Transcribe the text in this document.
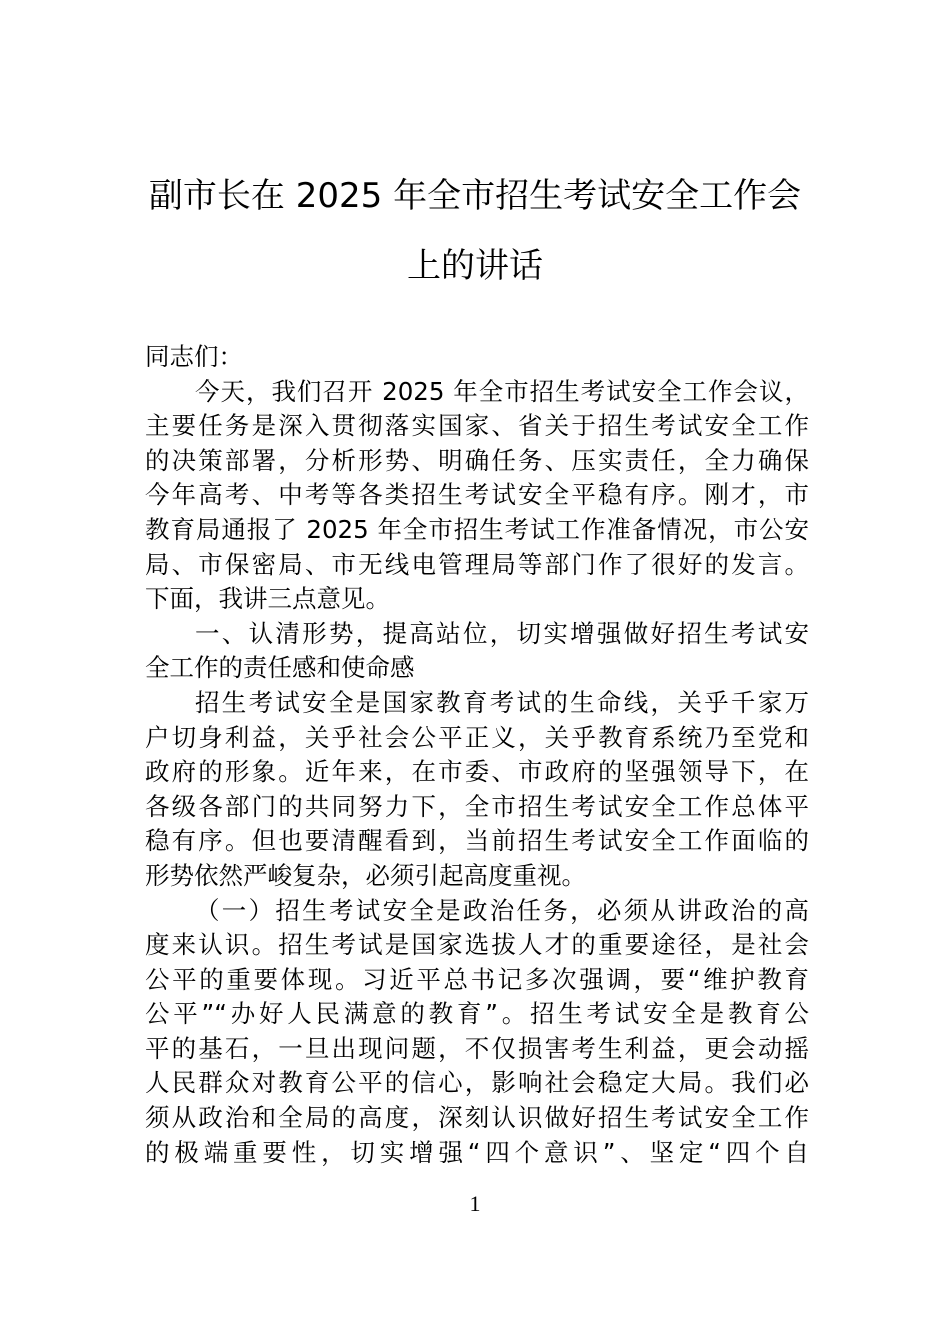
副市长在 2025 年全市招生考试安全工作会
上的讲话
同志们：
今天，我们召开 2025 年全市招生考试安全工作会议，
主要任务是深入贯彻落实国家、省关于招生考试安全工作
的决策部署，分析形势、明确任务、压实责任，全力确保
今年高考、中考等各类招生考试安全平稳有序。刚才，市
教育局通报了 2025 年全市招生考试工作准备情况，市公安
局、市保密局、市无线电管理局等部门作了很好的发言。
下面，我讲三点意见。
一、认清形势，提高站位，切实增强做好招生考试安
全工作的责任感和使命感
招生考试安全是国家教育考试的生命线，关乎千家万
户切身利益，关乎社会公平正义，关乎教育系统乃至党和
政府的形象。近年来，在市委、市政府的坚强领导下，在
各级各部门的共同努力下，全市招生考试安全工作总体平
稳有序。但也要清醒看到，当前招生考试安全工作面临的
形势依然严峻复杂，必须引起高度重视。
（一）招生考试安全是政治任务，必须从讲政治的高
度来认识。招生考试是国家选拔人才的重要途径，是社会
公平的重要体现。习近平总书记多次强调，要“维护教育
公平”“办好人民满意的教育”。招生考试安全是教育公
平的基石，一旦出现问题，不仅损害考生利益，更会动摇
人民群众对教育公平的信心，影响社会稳定大局。我们必
须从政治和全局的高度，深刻认识做好招生考试安全工作
的极端重要性，切实增强“四个意识”、坚定“四个自
1
